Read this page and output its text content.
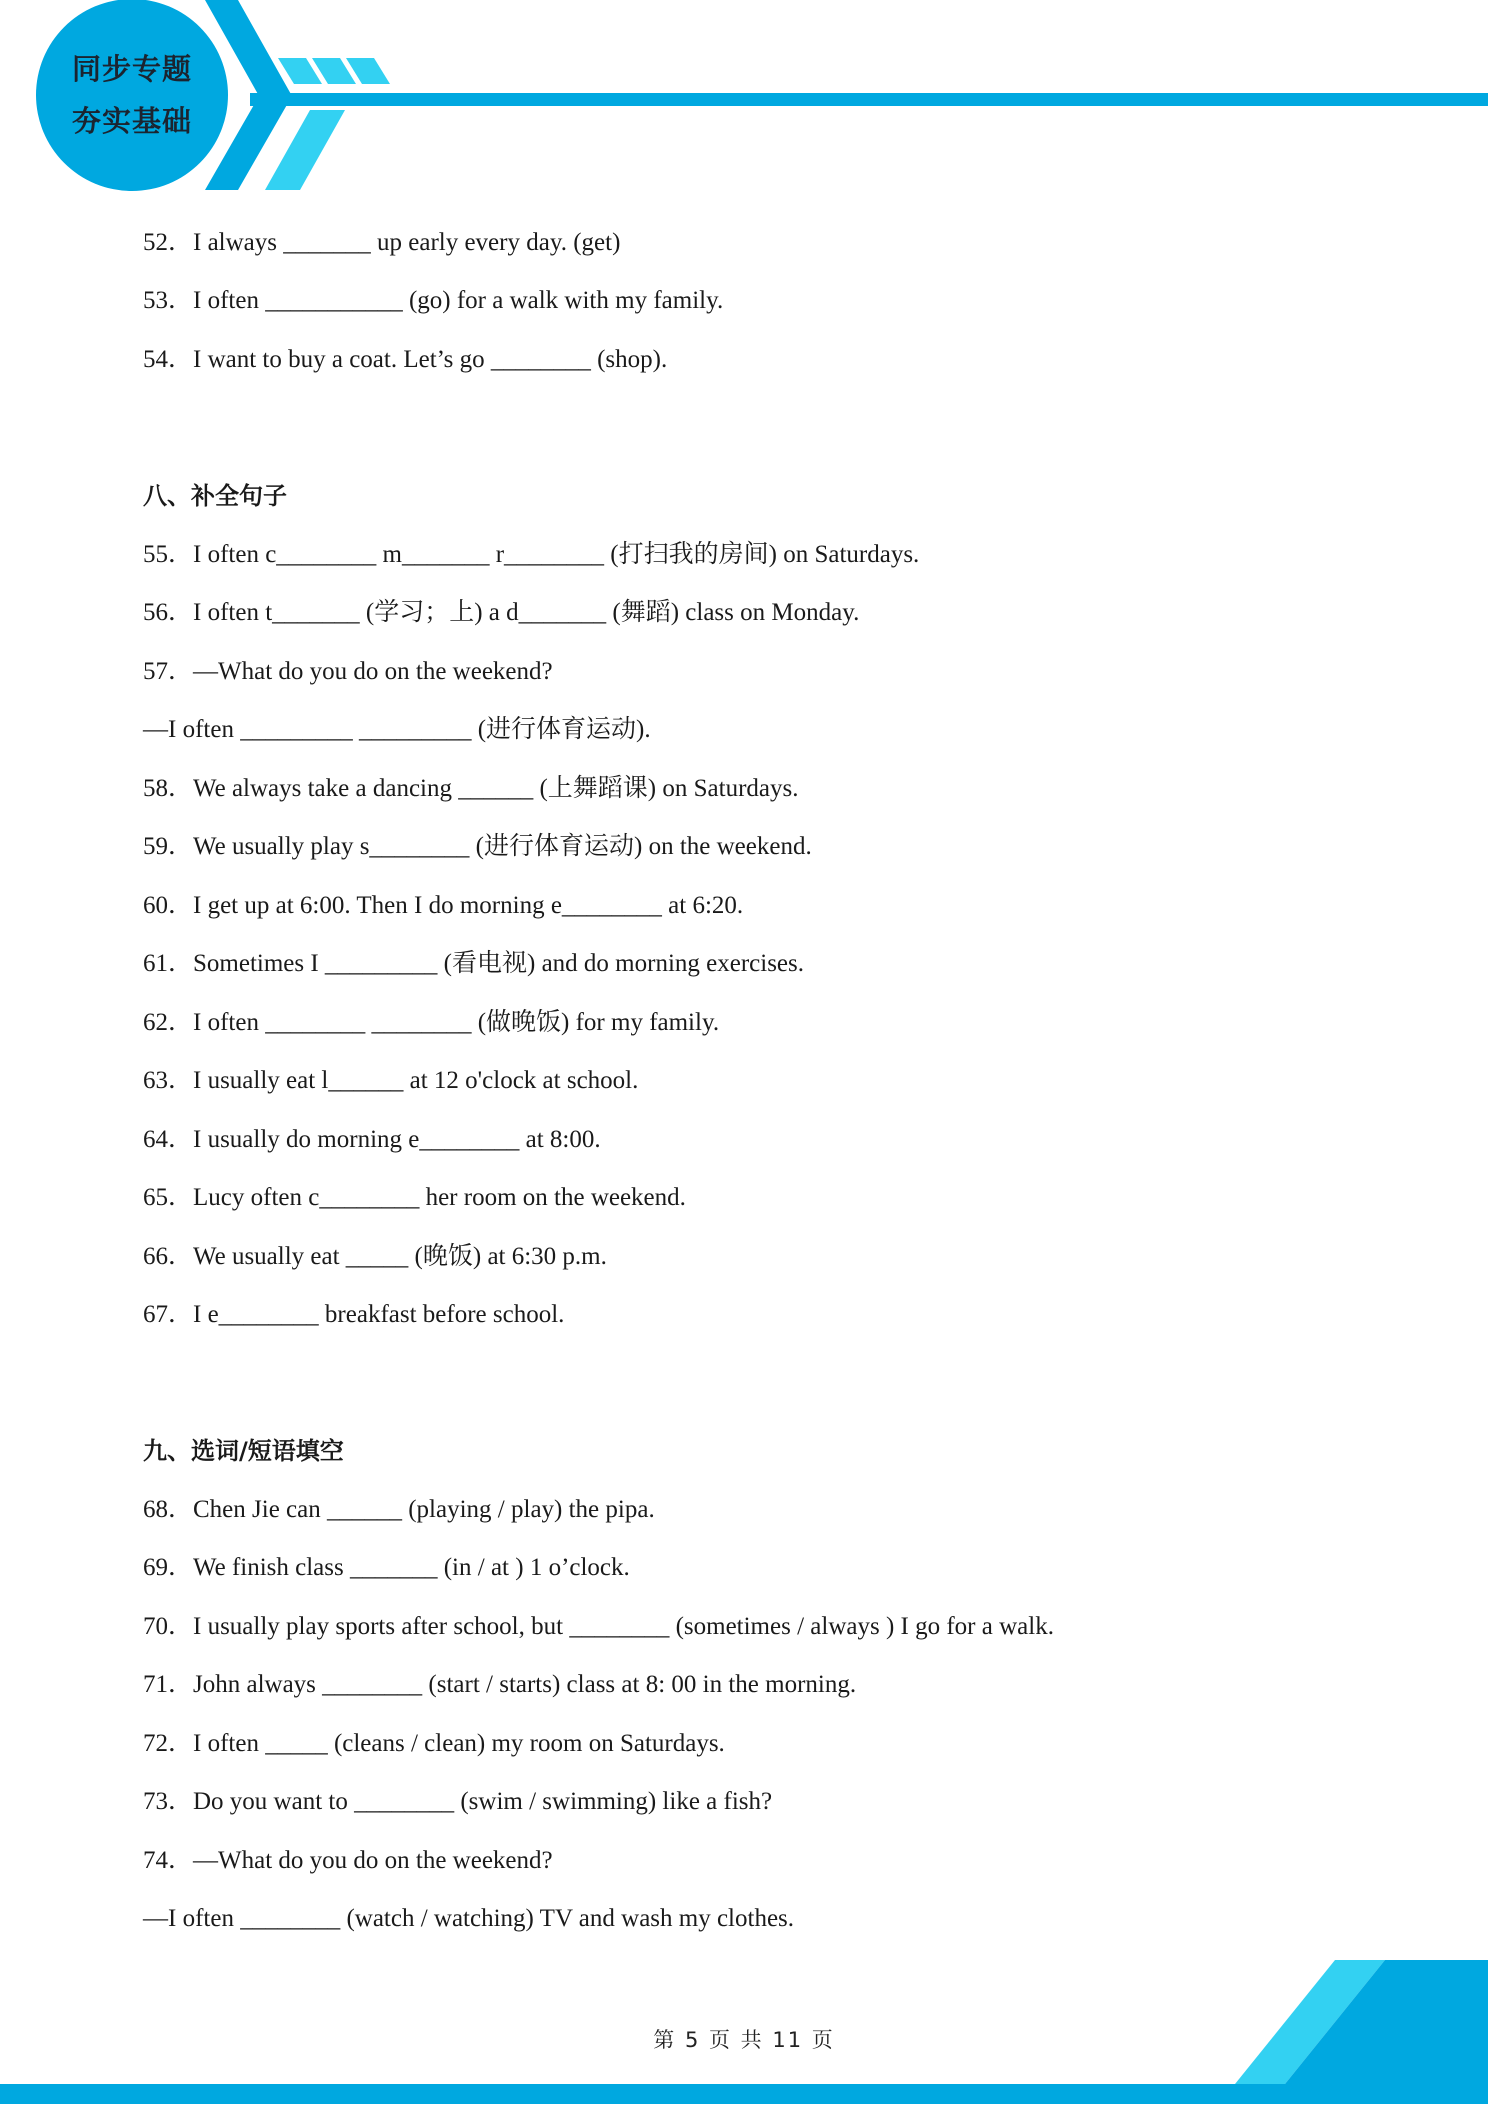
同步专题
夯实基础
52．I always _______ up early every day. (get)
53．I often ___________ (go) for a walk with my family.
54．I want to buy a coat. Let’s go ________ (shop).
八、补全句子
55．I often c________ m_______ r________ (打扫我的房间) on Saturdays.
56．I often t_______ (学习；上) a d_______ (舞蹈) class on Monday.
57．—What do you do on the weekend?
—I often _________ _________ (进行体育运动).
58．We always take a dancing ______ (上舞蹈课) on Saturdays.
59．We usually play s________ (进行体育运动) on the weekend.
60．I get up at 6:00. Then I do morning e________ at 6:20.
61．Sometimes I _________ (看电视) and do morning exercises.
62．I often ________ ________ (做晚饭) for my family.
63．I usually eat l______ at 12 o'clock at school.
64．I usually do morning e________ at 8:00.
65．Lucy often c________ her room on the weekend.
66．We usually eat _____ (晚饭) at 6:30 p.m.
67．I e________ breakfast before school.
九、选词/短语填空
68．Chen Jie can ______ (playing / play) the pipa.
69．We finish class _______ (in / at ) 1 o’clock.
70．I usually play sports after school, but ________ (sometimes / always ) I go for a walk.
71．John always ________ (start / starts) class at 8: 00 in the morning.
72．I often _____ (cleans / clean) my room on Saturdays.
73．Do you want to ________ (swim / swimming) like a fish?
74．—What do you do on the weekend?
—I often ________ (watch / watching) TV and wash my clothes.
第 5 页 共 11 页
